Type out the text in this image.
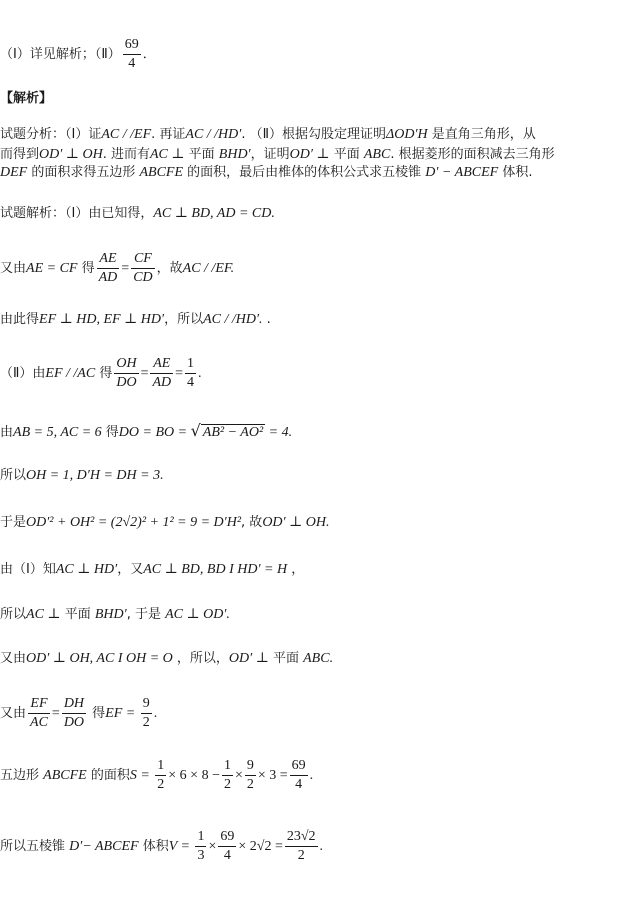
（Ⅰ）详见解析；（Ⅱ） $\frac{69}{4}$ ．
【解析】
试题分析：（Ⅰ）证AC / /EF. 再证AC / /HD′. （Ⅱ）根据勾股定理证明ΔOD′H 是直角三角形，从
而得到OD′ ⊥ OH. 进而有AC ⊥ 平面 BHD′，证明OD′ ⊥ 平面 ABC. 根据菱形的面积减去三角形
DEF 的面积求得五边形 ABCFE 的面积，最后由椎体的体积公式求五棱锥 D′ − ABCEF 体积.
试题解析：（Ⅰ）由已知得，AC ⊥ BD, AD = CD.
又由AE = CF 得 $\frac{AE}{AD} = \frac{CF}{CD}$ ，故AC / /EF.
由此得EF ⊥ HD, EF ⊥ HD′，所以AC / /HD′. .
（Ⅱ）由EF / /AC 得 $\frac{OH}{DO} = \frac{AE}{AD} = \frac{1}{4}$ .
由AB = 5, AC = 6 得DO = BO = √ AB² − AO² = 4.
所以OH = 1, D′H = DH = 3.
于是OD′² + OH² = (2√2)² + 1² = 9 = D′H², 故OD′ ⊥ OH.
由（Ⅰ）知AC ⊥ HD′，又AC ⊥ BD, BD I HD′ = H ，
所以AC ⊥ 平面 BHD′, 于是 AC ⊥ OD′.
又由OD′ ⊥ OH, AC I OH = O ，所以，OD′ ⊥ 平面 ABC.
又由 $\frac{EF}{AC} = \frac{DH}{DO}$ 得EF = $\frac{9}{2}$ .
五边形 ABCFE 的面积$S = \frac{1}{2} \times 6 \times 8 - \frac{1}{2} \times \frac{9}{2} \times 3 = \frac{69}{4}$ .
所以五棱锥 D′− ABCEF 体积$V = \frac{1}{3} \times \frac{69}{4} \times 2√2 = \frac{23√2}{2}$ .
